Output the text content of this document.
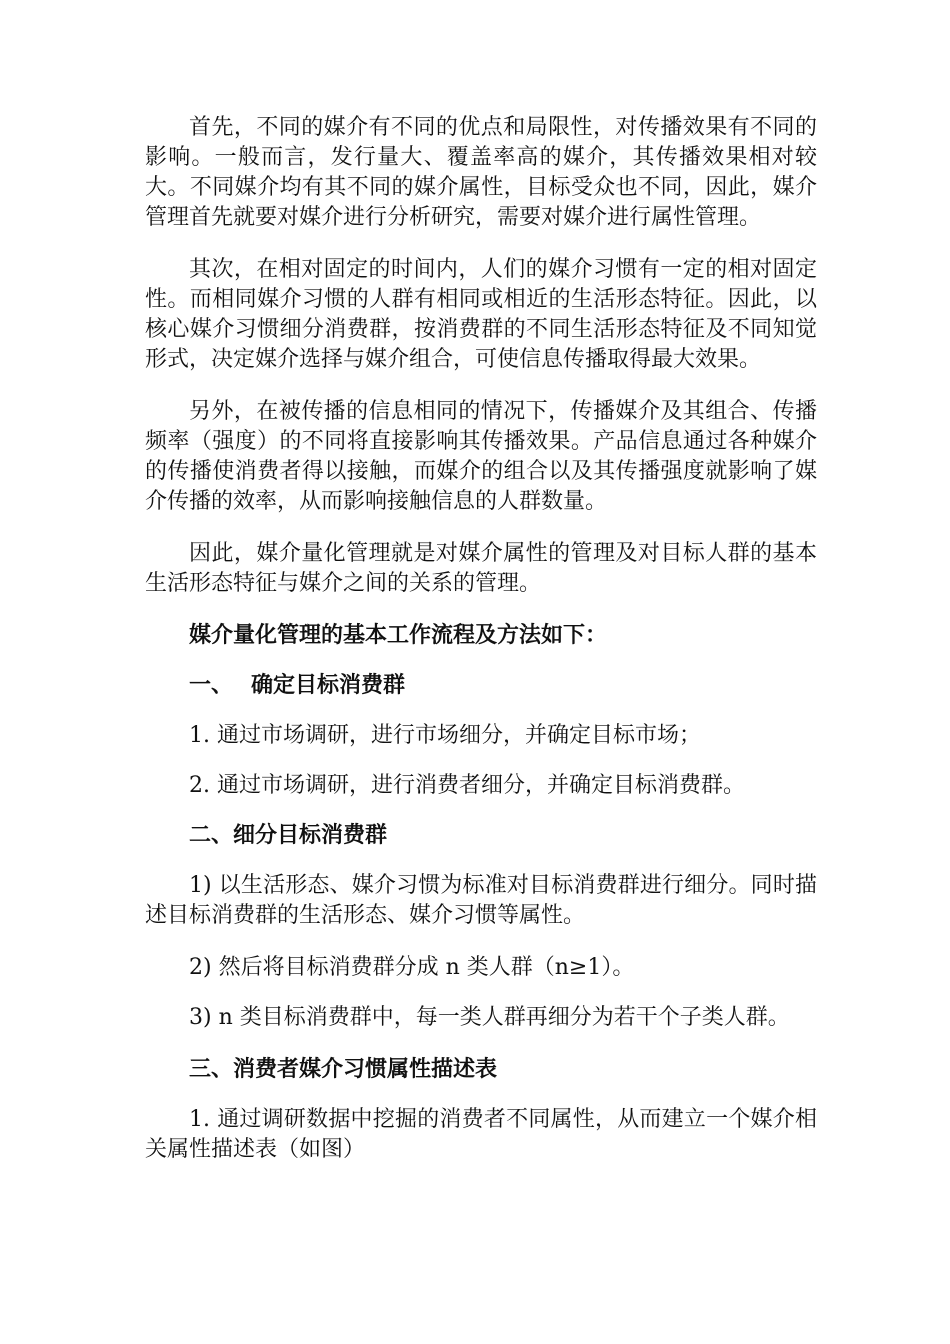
首先，不同的媒介有不同的优点和局限性，对传播效果有不同的影响。一般而言，发行量大、覆盖率高的媒介，其传播效果相对较大。不同媒介均有其不同的媒介属性，目标受众也不同，因此，媒介管理首先就要对媒介进行分析研究，需要对媒介进行属性管理。

其次，在相对固定的时间内，人们的媒介习惯有一定的相对固定性。而相同媒介习惯的人群有相同或相近的生活形态特征。因此，以核心媒介习惯细分消费群，按消费群的不同生活形态特征及不同知觉形式，决定媒介选择与媒介组合，可使信息传播取得最大效果。

另外，在被传播的信息相同的情况下，传播媒介及其组合、传播频率（强度）的不同将直接影响其传播效果。产品信息通过各种媒介的传播使消费者得以接触，而媒介的组合以及其传播强度就影响了媒介传播的效率，从而影响接触信息的人群数量。

因此，媒介量化管理就是对媒介属性的管理及对目标人群的基本生活形态特征与媒介之间的关系的管理。

媒介量化管理的基本工作流程及方法如下：

一、 确定目标消费群

1. 通过市场调研，进行市场细分，并确定目标市场；

2. 通过市场调研，进行消费者细分，并确定目标消费群。

二、细分目标消费群

1) 以生活形态、媒介习惯为标准对目标消费群进行细分。同时描述目标消费群的生活形态、媒介习惯等属性。

2) 然后将目标消费群分成 n 类人群（n≥1）。

3) n 类目标消费群中，每一类人群再细分为若干个子类人群。

三、消费者媒介习惯属性描述表

1. 通过调研数据中挖掘的消费者不同属性，从而建立一个媒介相关属性描述表（如图）
